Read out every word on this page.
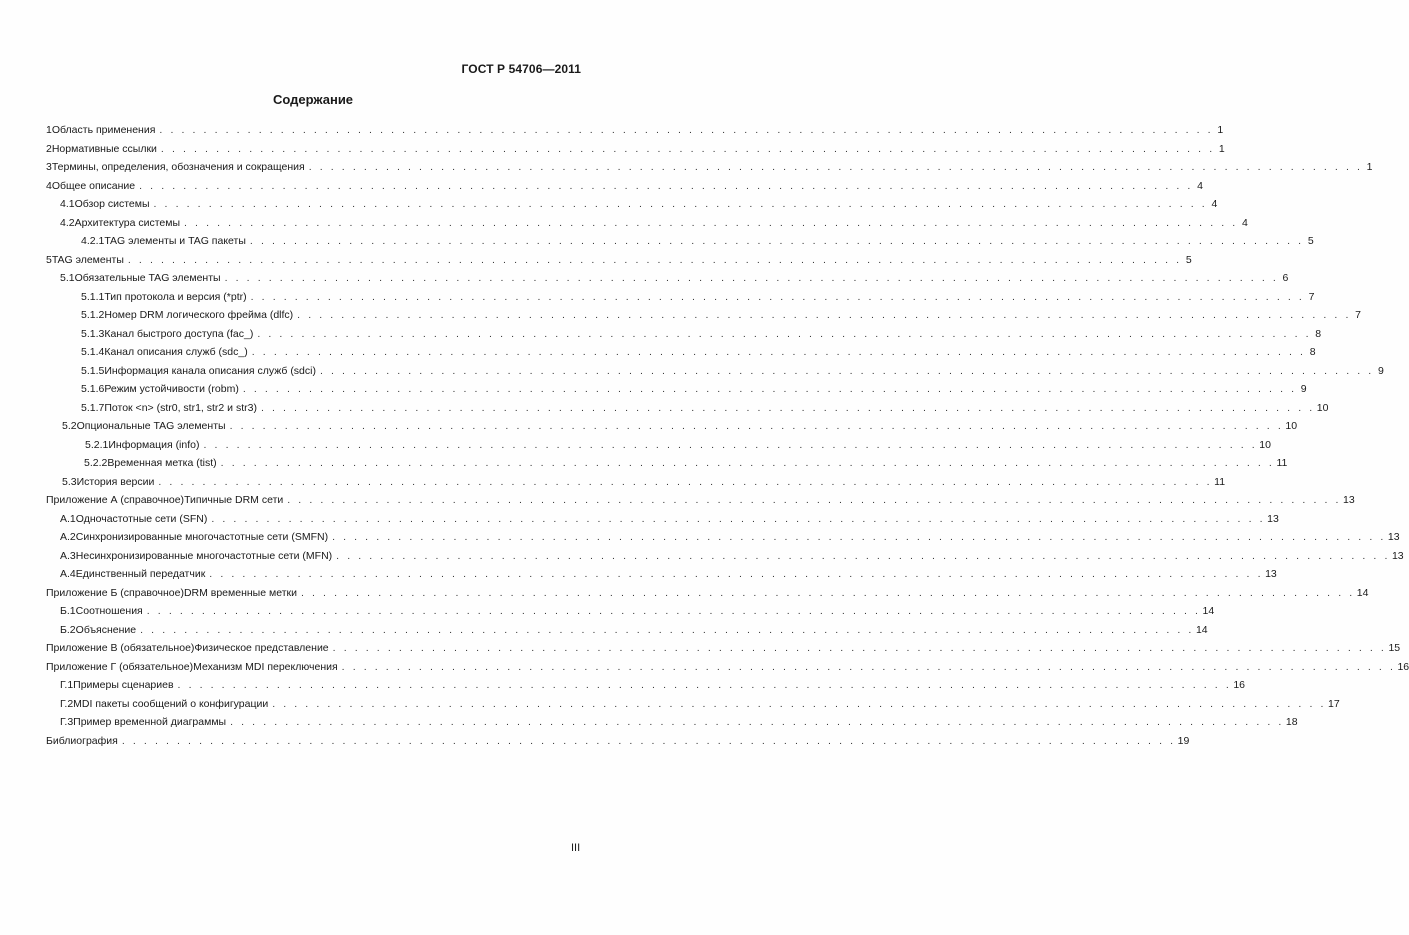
ГОСТ Р 54706—2011
Содержание
1 Область применения . . . . . . . . . . . . . . . . . . . . . . . . . . . . . . . . . . . . . . . . . . . . . . . . . . . . . . . . . . . . . . . . . . . . . . . . . . . . . . . . . . . . . . . . . . . . . . . . 1
2 Нормативные ссылки . . . . . . . . . . . . . . . . . . . . . . . . . . . . . . . . . . . . . . . . . . . . . . . . . . . . . . . . . . . . . . . . . . . . . . . . . . . . . . . . . . . . . . . . . . . . . . . . 1
3 Термины, определения, обозначения и сокращения . . . . . . . . . . . . . . . . . . . . . . . . . . . . . . . . . . . . . . . . . . . . . . . . . . . . . . . . . . . . . . . . . . . . . . . . . . . . . . . . . . . . . . . . . . . . . . . . 1
4 Общее описание . . . . . . . . . . . . . . . . . . . . . . . . . . . . . . . . . . . . . . . . . . . . . . . . . . . . . . . . . . . . . . . . . . . . . . . . . . . . . . . . . . . . . . . . . . . . . . . . 4
4.1 Обзор системы . . . . . . . . . . . . . . . . . . . . . . . . . . . . . . . . . . . . . . . . . . . . . . . . . . . . . . . . . . . . . . . . . . . . . . . . . . . . . . . . . . . . . . . . . . . . . . . . 4
4.2 Архитектура системы . . . . . . . . . . . . . . . . . . . . . . . . . . . . . . . . . . . . . . . . . . . . . . . . . . . . . . . . . . . . . . . . . . . . . . . . . . . . . . . . . . . . . . . . . . . . . . . . 4
4.2.1 TAG элементы и TAG пакеты . . . . . . . . . . . . . . . . . . . . . . . . . . . . . . . . . . . . . . . . . . . . . . . . . . . . . . . . . . . . . . . . . . . . . . . . . . . . . . . . . . . . . . . . . . . . . . . . 5
5 TAG элементы . . . . . . . . . . . . . . . . . . . . . . . . . . . . . . . . . . . . . . . . . . . . . . . . . . . . . . . . . . . . . . . . . . . . . . . . . . . . . . . . . . . . . . . . . . . . . . . . 5
5.1 Обязательные TAG элементы . . . . . . . . . . . . . . . . . . . . . . . . . . . . . . . . . . . . . . . . . . . . . . . . . . . . . . . . . . . . . . . . . . . . . . . . . . . . . . . . . . . . . . . . . . . . . . . . 6
5.1.1 Тип протокола и версия (*ptr) . . . . . . . . . . . . . . . . . . . . . . . . . . . . . . . . . . . . . . . . . . . . . . . . . . . . . . . . . . . . . . . . . . . . . . . . . . . . . . . . . . . . . . . . . . . . . . . . 7
5.1.2 Номер DRM логического фрейма (dlfc) . . . . . . . . . . . . . . . . . . . . . . . . . . . . . . . . . . . . . . . . . . . . . . . . . . . . . . . . . . . . . . . . . . . . . . . . . . . . . . . . . . . . . . . . . . . . . . . . 7
5.1.3 Канал быстрого доступа (fac_) . . . . . . . . . . . . . . . . . . . . . . . . . . . . . . . . . . . . . . . . . . . . . . . . . . . . . . . . . . . . . . . . . . . . . . . . . . . . . . . . . . . . . . . . . . . . . . . . 8
5.1.4 Канал описания служб (sdc_) . . . . . . . . . . . . . . . . . . . . . . . . . . . . . . . . . . . . . . . . . . . . . . . . . . . . . . . . . . . . . . . . . . . . . . . . . . . . . . . . . . . . . . . . . . . . . . . . 8
5.1.5 Информация канала описания служб (sdci) . . . . . . . . . . . . . . . . . . . . . . . . . . . . . . . . . . . . . . . . . . . . . . . . . . . . . . . . . . . . . . . . . . . . . . . . . . . . . . . . . . . . . . . . . . . . . . . . 9
5.1.6 Режим устойчивости (robm) . . . . . . . . . . . . . . . . . . . . . . . . . . . . . . . . . . . . . . . . . . . . . . . . . . . . . . . . . . . . . . . . . . . . . . . . . . . . . . . . . . . . . . . . . . . . . . . . 9
5.1.7 Поток <n> (str0, str1, str2 и str3) . . . . . . . . . . . . . . . . . . . . . . . . . . . . . . . . . . . . . . . . . . . . . . . . . . . . . . . . . . . . . . . . . . . . . . . . . . . . . . . . . . . . . . . . . . . . . . . . 10
5.2 Опциональные TAG элементы . . . . . . . . . . . . . . . . . . . . . . . . . . . . . . . . . . . . . . . . . . . . . . . . . . . . . . . . . . . . . . . . . . . . . . . . . . . . . . . . . . . . . . . . . . . . . . . . 10
5.2.1 Информация (info) . . . . . . . . . . . . . . . . . . . . . . . . . . . . . . . . . . . . . . . . . . . . . . . . . . . . . . . . . . . . . . . . . . . . . . . . . . . . . . . . . . . . . . . . . . . . . . . . 10
5.2.2 Временная метка (tist) . . . . . . . . . . . . . . . . . . . . . . . . . . . . . . . . . . . . . . . . . . . . . . . . . . . . . . . . . . . . . . . . . . . . . . . . . . . . . . . . . . . . . . . . . . . . . . . . 11
5.3 История версии . . . . . . . . . . . . . . . . . . . . . . . . . . . . . . . . . . . . . . . . . . . . . . . . . . . . . . . . . . . . . . . . . . . . . . . . . . . . . . . . . . . . . . . . . . . . . . . . 11
Приложение А (справочное) Типичные DRM сети . . . . . . . . . . . . . . . . . . . . . . . . . . . . . . . . . . . . . . . . . . . . . . . . . . . . . . . . . . . . . . . . . . . . . . . . . . . . . . . . . . . . . . . . . . . . . . . . 13
А.1 Одночастотные сети (SFN) . . . . . . . . . . . . . . . . . . . . . . . . . . . . . . . . . . . . . . . . . . . . . . . . . . . . . . . . . . . . . . . . . . . . . . . . . . . . . . . . . . . . . . . . . . . . . . . . 13
А.2 Синхронизированные многочастотные сети (SMFN) . . . . . . . . . . . . . . . . . . . . . . . . . . . . . . . . . . . . . . . . . . . . . . . . . . . . . . . . . . . . . . . . . . . . . . . . . . . . . . . . . . . . . . . . . . . . . . . . 13
А.3 Несинхронизированные многочастотные сети (MFN) . . . . . . . . . . . . . . . . . . . . . . . . . . . . . . . . . . . . . . . . . . . . . . . . . . . . . . . . . . . . . . . . . . . . . . . . . . . . . . . . . . . . . . . . . . . . . . . . 13
А.4 Единственный передатчик . . . . . . . . . . . . . . . . . . . . . . . . . . . . . . . . . . . . . . . . . . . . . . . . . . . . . . . . . . . . . . . . . . . . . . . . . . . . . . . . . . . . . . . . . . . . . . . . 13
Приложение Б (справочное) DRM временные метки . . . . . . . . . . . . . . . . . . . . . . . . . . . . . . . . . . . . . . . . . . . . . . . . . . . . . . . . . . . . . . . . . . . . . . . . . . . . . . . . . . . . . . . . . . . . . . . . 14
Б.1 Соотношения . . . . . . . . . . . . . . . . . . . . . . . . . . . . . . . . . . . . . . . . . . . . . . . . . . . . . . . . . . . . . . . . . . . . . . . . . . . . . . . . . . . . . . . . . . . . . . . . 14
Б.2 Объяснение . . . . . . . . . . . . . . . . . . . . . . . . . . . . . . . . . . . . . . . . . . . . . . . . . . . . . . . . . . . . . . . . . . . . . . . . . . . . . . . . . . . . . . . . . . . . . . . . 14
Приложение В (обязательное) Физическое представление . . . . . . . . . . . . . . . . . . . . . . . . . . . . . . . . . . . . . . . . . . . . . . . . . . . . . . . . . . . . . . . . . . . . . . . . . . . . . . . . . . . . . . . . . . . . . . . . 15
Приложение Г (обязательное) Механизм MDI переключения . . . . . . . . . . . . . . . . . . . . . . . . . . . . . . . . . . . . . . . . . . . . . . . . . . . . . . . . . . . . . . . . . . . . . . . . . . . . . . . . . . . . . . . . . . . . . . . . 16
Г.1 Примеры сценариев . . . . . . . . . . . . . . . . . . . . . . . . . . . . . . . . . . . . . . . . . . . . . . . . . . . . . . . . . . . . . . . . . . . . . . . . . . . . . . . . . . . . . . . . . . . . . . . . 16
Г.2 MDI пакеты сообщений о конфигурации . . . . . . . . . . . . . . . . . . . . . . . . . . . . . . . . . . . . . . . . . . . . . . . . . . . . . . . . . . . . . . . . . . . . . . . . . . . . . . . . . . . . . . . . . . . . . . . . 17
Г.3 Пример временной диаграммы . . . . . . . . . . . . . . . . . . . . . . . . . . . . . . . . . . . . . . . . . . . . . . . . . . . . . . . . . . . . . . . . . . . . . . . . . . . . . . . . . . . . . . . . . . . . . . . . 18
Библиография . . . . . . . . . . . . . . . . . . . . . . . . . . . . . . . . . . . . . . . . . . . . . . . . . . . . . . . . . . . . . . . . . . . . . . . . . . . . . . . . . . . . . . . . . . . . . . . . 19
III
